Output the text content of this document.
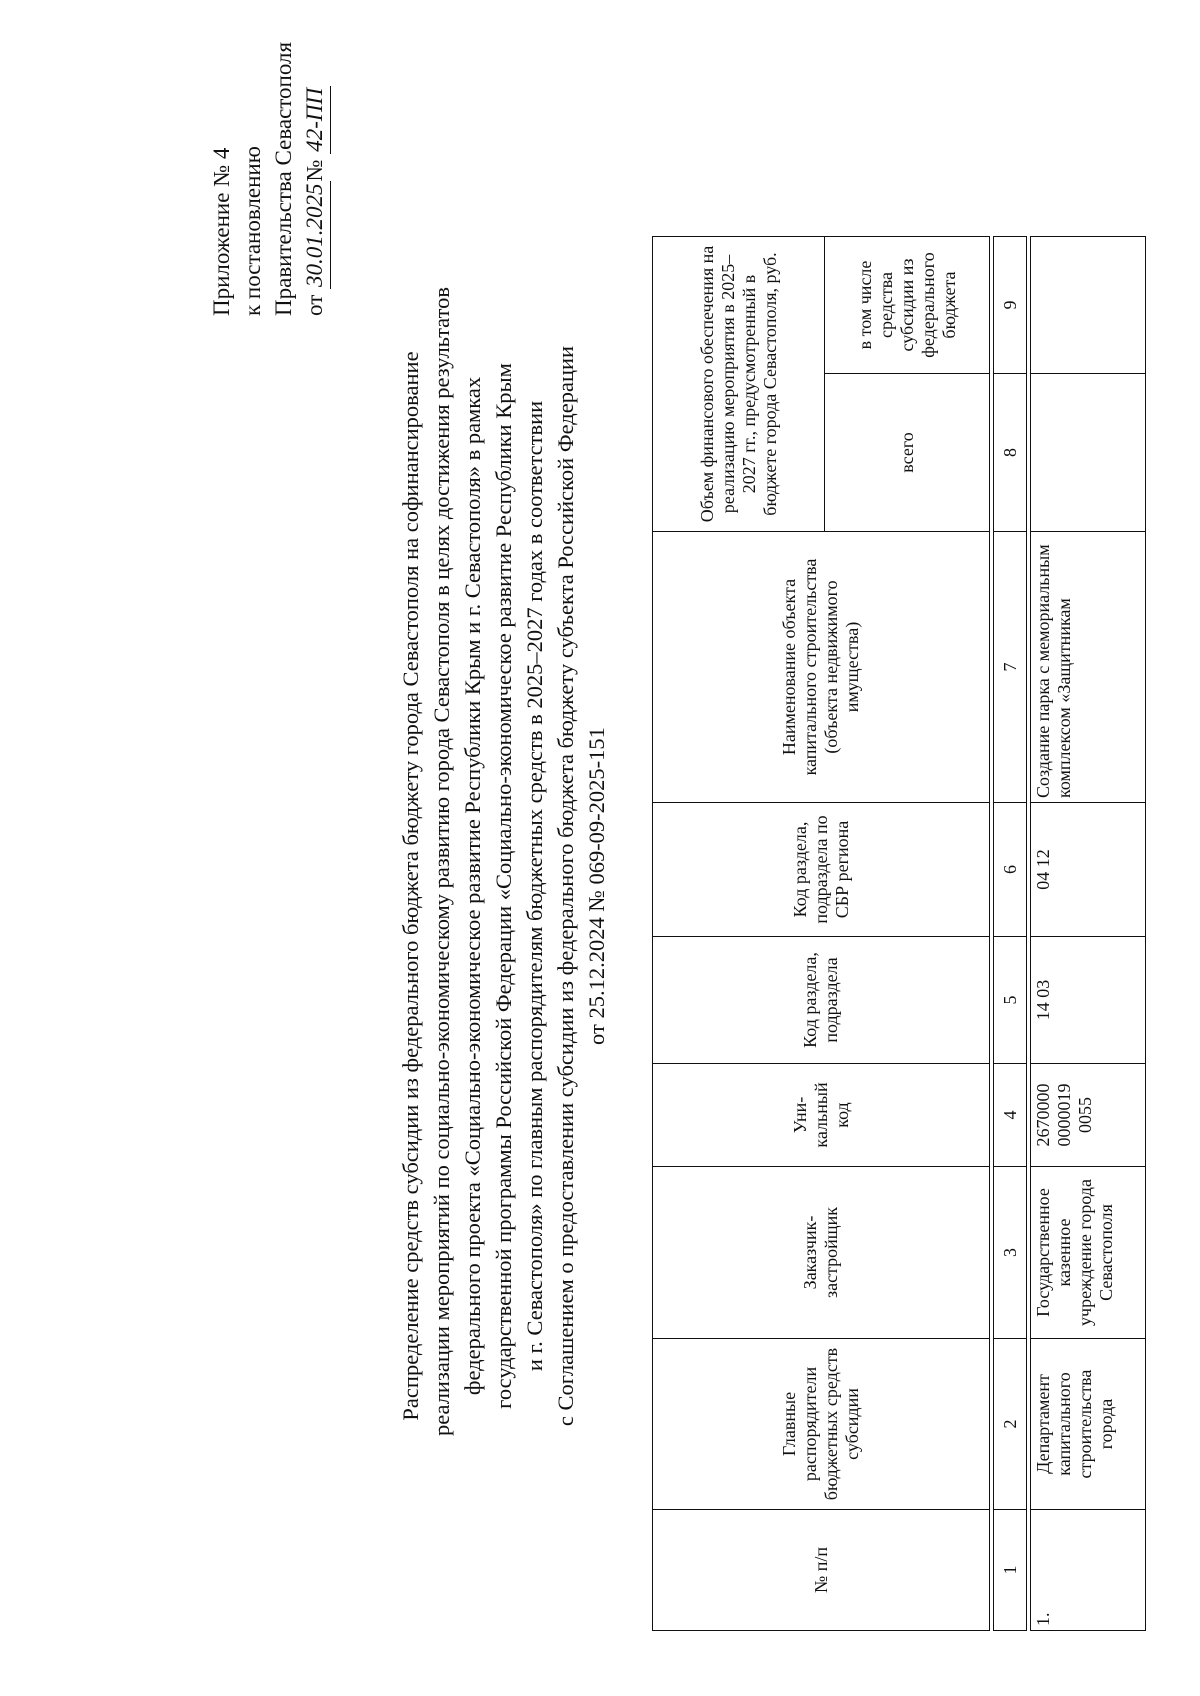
Приложение № 4 к постановлению Правительства Севастополя от 30.01.2025№ 42-ПП
Распределение средств субсидии из федерального бюджета бюджету города Севастополя на софинансирование реализации мероприятий по социально-экономическому развитию города Севастополя в целях достижения результатов федерального проекта «Социально-экономическое развитие Республики Крым и г. Севастополя» в рамках государственной программы Российской Федерации «Социально-экономическое развитие Республики Крым и г. Севастополя» по главным распорядителям бюджетных средств в 2025–2027 годах в соответствии с Соглашением о предоставлении субсидии из федерального бюджета бюджету субъекта Российской Федерации от 25.12.2024 № 069-09-2025-151
№ п/п	Главные распорядители бюджетных средств субсидии	Заказчик-застройщик	Уни-кальный код	Код раздела, подраздела	Код раздела, подраздела по СБР региона	Наименование объекта капитального строительства (объекта недвижимого имущества)	Объем финансового обеспечения на реализацию мероприятия в 2025–2027 гг., предусмотренный в бюджете города Севастополя, руб.	
							всего	в том числе средства субсидии из федерального бюджета

1	2	3	4	5	6	7	8	9

1.	Департамент капитального строительства города	Государственное казенное учреждение города Севастополя	2670000 0000019 0055	14 03	04 12	Создание парка с мемориальным комплексом «Защитникам		
